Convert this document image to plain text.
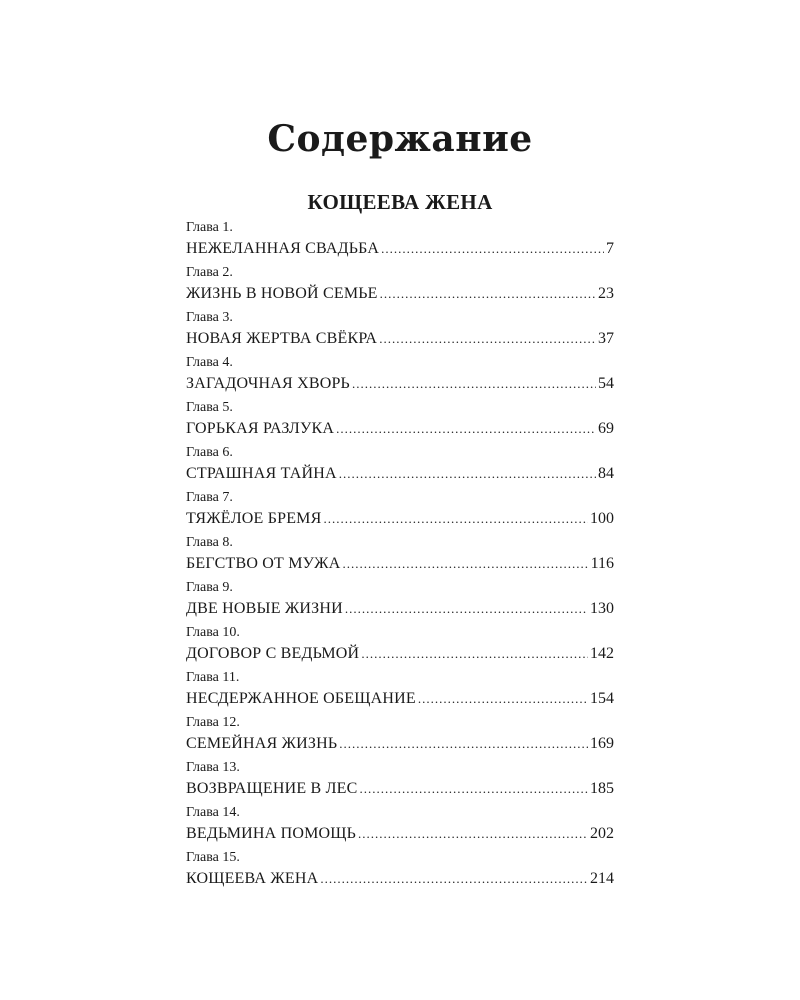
Содержание
КОЩЕЕВА ЖЕНА
Глава 1.
НЕЖЕЛАННАЯ СВАДЬБА .....	7
Глава 2.
ЖИЗНЬ В НОВОЙ СЕМЬЕ .....	23
Глава 3.
НОВАЯ ЖЕРТВА СВЁКРА .....	37
Глава 4.
ЗАГАДОЧНАЯ ХВОРЬ .....	54
Глава 5.
ГОРЬКАЯ РАЗЛУКА .....	69
Глава 6.
СТРАШНАЯ ТАЙНА .....	84
Глава 7.
ТЯЖЁЛОЕ БРЕМЯ .....	100
Глава 8.
БЕГСТВО ОТ МУЖА .....	116
Глава 9.
ДВЕ НОВЫЕ ЖИЗНИ .....	130
Глава 10.
ДОГОВОР С ВЕДЬМОЙ .....	142
Глава 11.
НЕСДЕРЖАННОЕ ОБЕЩАНИЕ .....	154
Глава 12.
СЕМЕЙНАЯ ЖИЗНЬ .....	169
Глава 13.
ВОЗВРАЩЕНИЕ В ЛЕС .....	185
Глава 14.
ВЕДЬМИНА ПОМОЩЬ .....	202
Глава 15.
КОЩЕЕВА ЖЕНА .....	214
